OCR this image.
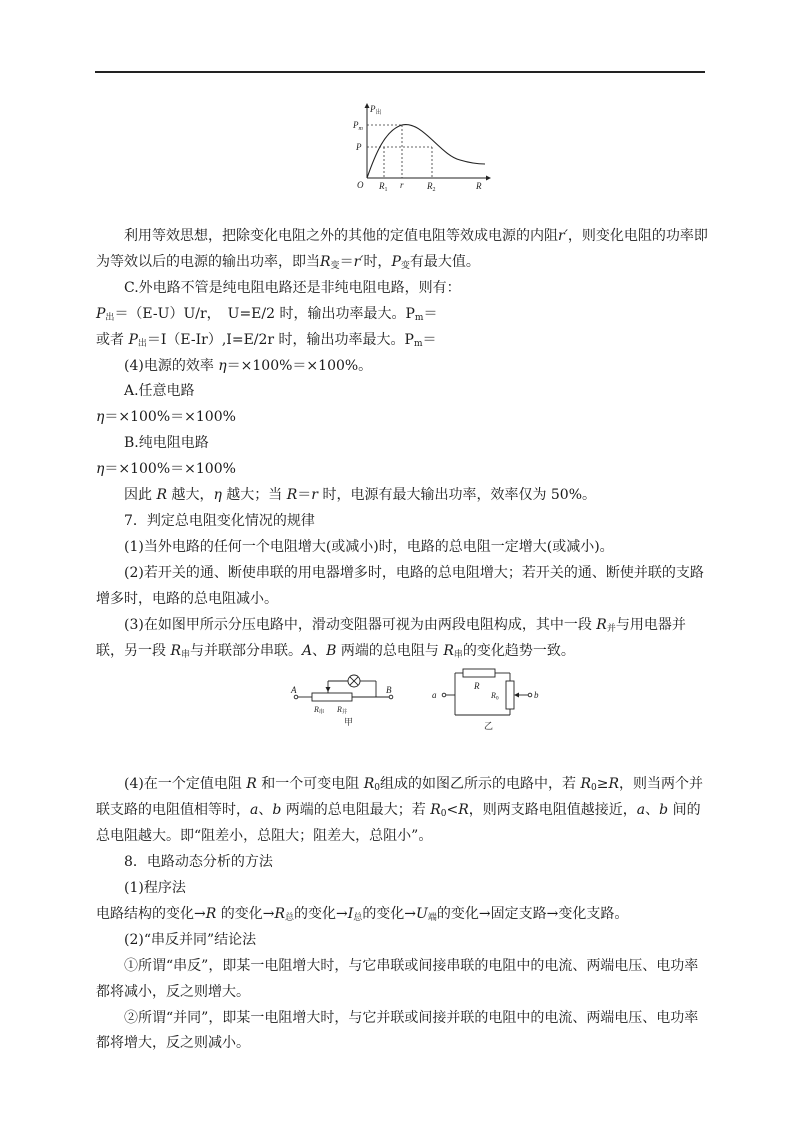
$P_出$
$P_m$
P
O $R_1$ r	$R_2$	R

利用等效思想，把除变化电阻之外的其他的定值电阻等效成电源的内阻r′，则变化电阻的功率即为等效以后的电源的输出功率，即当$R_变=r'$时，$P_变$有最大值。

C.外电路不管是纯电阻电路还是非纯电阻电路，则有：

$P_出=(E-U)U/r$，　U=E/2 时，输出功率最大。$P_m=$

或者 $P_出=I(E-Ir),I=E/2r$ 时，输出功率最大。$P_m=$

(4)电源的效率 η＝×100%＝×100%。

A.任意电路

η＝×100%＝×100%

B.纯电阻电路

η＝×100%＝×100%

因此 R 越大，η 越大；当 R＝r 时，电源有最大输出功率，效率仅为 50%。

7．判定总电阻变化情况的规律

(1)当外电路的任何一个电阻增大(或减小)时，电路的总电阻一定增大(或减小)。

(2)若开关的通、断使串联的用电器增多时，电路的总电阻增大；若开关的通、断使并联的支路增多时，电路的总电阻减小。

(3)在如图甲所示分压电路中，滑动变阻器可视为由两段电阻构成，其中一段 $R_并$与用电器并联，另一段 $R_串$与并联部分串联。A、B 两端的总电阻与 $R_串$的变化趋势一致。

(4)在一个定值电阻 R 和一个可变电阻 $R_0$组成的如图乙所示的电路中，若 $R_0\ge R$，则当两个并联支路的电阻值相等时，a、b 两端的总电阻最大；若 $R_0<R$，则两支路电阻值越接近，a、b 间的总电阻越大。即“阻差小，总阻大；阻差大，总阻小”。

8．电路动态分析的方法

(1)程序法

电路结构的变化→R 的变化$\to R_总$的变化$\to I_总$的变化$\to U_端$的变化→固定支路→变化支路。

(2)“串反并同”结论法

①所谓“串反”，即某一电阻增大时，与它串联或间接串联的电阻中的电流、两端电压、电功率都将减小，反之则增大。

②所谓“并同”，即某一电阻增大时，与它并联或间接并联的电阻中的电流、两端电压、电功率都将增大，反之则减小。

A	B
R串 R并
甲
a
R
R0	b
乙
